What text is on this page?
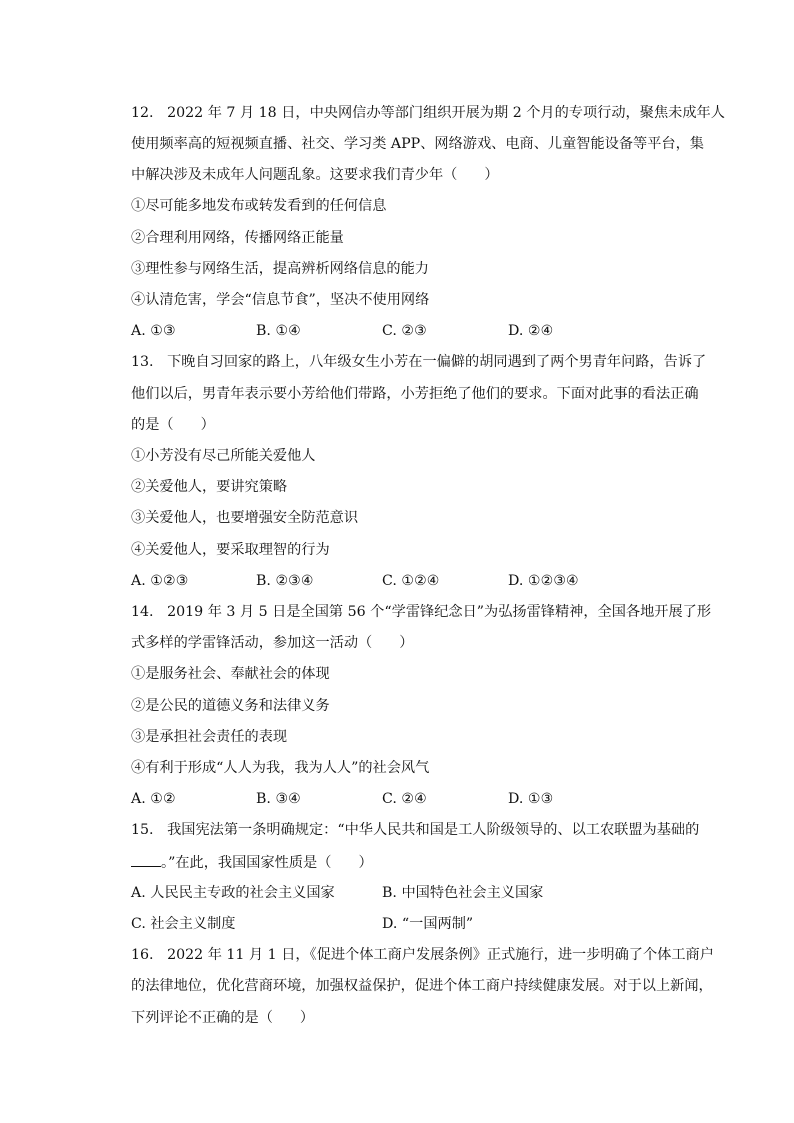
12.   2022 年 7 月 18 日，中央网信办等部门组织开展为期 2 个月的专项行动，聚焦未成年人
使用频率高的短视频直播、社交、学习类 APP、网络游戏、电商、儿童智能设备等平台，集
中解决涉及未成年人问题乱象。这要求我们青少年（      ）
①尽可能多地发布或转发看到的任何信息
②合理利用网络，传播网络正能量
③理性参与网络生活，提高辨析网络信息的能力
④认清危害，学会“信息节食”，坚决不使用网络
A. ①③	B. ①④	C. ②③	D. ②④
13.   下晚自习回家的路上，八年级女生小芳在一偏僻的胡同遇到了两个男青年问路，告诉了
他们以后，男青年表示要小芳给他们带路，小芳拒绝了他们的要求。下面对此事的看法正确
的是（      ）
①小芳没有尽己所能关爱他人
②关爱他人，要讲究策略
③关爱他人，也要增强安全防范意识
④关爱他人，要采取理智的行为
A. ①②③	B. ②③④	C. ①②④	D. ①②③④
14.   2019 年 3 月 5 日是全国第 56 个“学雷锋纪念日”为弘扬雷锋精神，全国各地开展了形
式多样的学雷锋活动，参加这一活动（      ）
①是服务社会、奉献社会的体现
②是公民的道德义务和法律义务
③是承担社会责任的表现
④有利于形成“人人为我，我为人人”的社会风气
A. ①②	B. ③④	C. ②④	D. ①③
15.   我国宪法第一条明确规定：“中华人民共和国是工人阶级领导的、以工农联盟为基础的
。”在此，我国国家性质是（      ）
A. 人民民主专政的社会主义国家	B. 中国特色社会主义国家
C. 社会主义制度	D. “一国两制”
16.   2022 年 11 月 1 日，《促进个体工商户发展条例》正式施行，进一步明确了个体工商户
的法律地位，优化营商环境，加强权益保护，促进个体工商户持续健康发展。对于以上新闻，
下列评论不正确的是（      ）
